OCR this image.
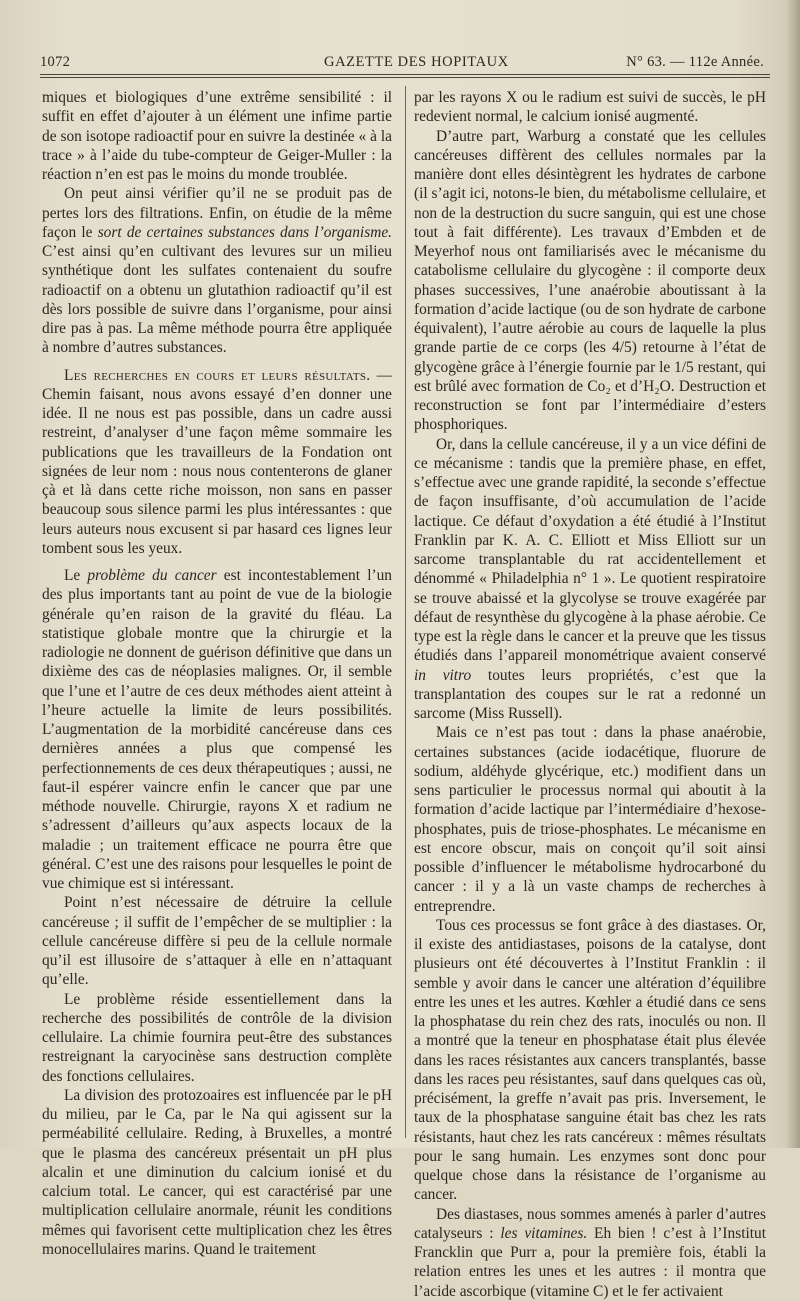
1072	GAZETTE DES HOPITAUX	N° 63. — 112e Année.

miques et biologiques d’une extrême sensibilité : il suffit en effet d’ajouter à un élément une infime partie de son isotope radioactif pour en suivre la destinée « à la trace » à l’aide du tube-compteur de Geiger-Muller : la réaction n’en est pas le moins du monde troublée.

On peut ainsi vérifier qu’il ne se produit pas de pertes lors des filtrations. Enfin, on étudie de la même façon le sort de certaines substances dans l’organisme. C’est ainsi qu’en cultivant des levures sur un milieu synthétique dont les sulfates contenaient du soufre radioactif on a obtenu un glutathion radioactif qu’il est dès lors possible de suivre dans l’organisme, pour ainsi dire pas à pas. La même méthode pourra être appliquée à nombre d’autres substances.

Les recherches en cours et leurs résultats. — Chemin faisant, nous avons essayé d’en donner une idée. Il ne nous est pas possible, dans un cadre aussi restreint, d’analyser d’une façon même sommaire les publications que les travailleurs de la Fondation ont signées de leur nom : nous nous contenterons de glaner çà et là dans cette riche moisson, non sans en passer beaucoup sous silence parmi les plus intéressantes : que leurs auteurs nous excusent si par hasard ces lignes leur tombent sous les yeux.

Le problème du cancer est incontestablement l’un des plus importants tant au point de vue de la biologie générale qu’en raison de la gravité du fléau. La statistique globale montre que la chirurgie et la radiologie ne donnent de guérison définitive que dans un dixième des cas de néoplasies malignes. Or, il semble que l’une et l’autre de ces deux méthodes aient atteint à l’heure actuelle la limite de leurs possibilités. L’augmentation de la morbidité cancéreuse dans ces dernières années a plus que compensé les perfectionnements de ces deux thérapeutiques ; aussi, ne faut-il espérer vaincre enfin le cancer que par une méthode nouvelle. Chirurgie, rayons X et radium ne s’adressent d’ailleurs qu’aux aspects locaux de la maladie ; un traitement efficace ne pourra être que général. C’est une des raisons pour lesquelles le point de vue chimique est si intéressant.

Point n’est nécessaire de détruire la cellule cancéreuse ; il suffit de l’empêcher de se multiplier : la cellule cancéreuse diffère si peu de la cellule normale qu’il est illusoire de s’attaquer à elle en n’attaquant qu’elle.

Le problème réside essentiellement dans la recherche des possibilités de contrôle de la division cellulaire. La chimie fournira peut-être des substances restreignant la caryocinèse sans destruction complète des fonctions cellulaires.

La division des protozoaires est influencée par le pH du milieu, par le Ca, par le Na qui agissent sur la perméabilité cellulaire. Reding, à Bruxelles, a montré que le plasma des cancéreux présentait un pH plus alcalin et une diminution du calcium ionisé et du calcium total. Le cancer, qui est caractérisé par une multiplication cellulaire anormale, réunit les conditions mêmes qui favorisent cette multiplication chez les êtres monocellulaires marins. Quand le traitement

par les rayons X ou le radium est suivi de succès, le pH redevient normal, le calcium ionisé augmenté.

D’autre part, Warburg a constaté que les cellules cancéreuses diffèrent des cellules normales par la manière dont elles désintègrent les hydrates de carbone (il s’agit ici, notons-le bien, du métabolisme cellulaire, et non de la destruction du sucre sanguin, qui est une chose tout à fait différente). Les travaux d’Embden et de Meyerhof nous ont familiarisés avec le mécanisme du catabolisme cellulaire du glycogène : il comporte deux phases successives, l’une anaérobie aboutissant à la formation d’acide lactique (ou de son hydrate de carbone équivalent), l’autre aérobie au cours de laquelle la plus grande partie de ce corps (les 4/5) retourne à l’état de glycogène grâce à l’énergie fournie par le 1/5 restant, qui est brûlé avec formation de Co₂ et d’H₂O. Destruction et reconstruction se font par l’intermédiaire d’esters phosphoriques.

Or, dans la cellule cancéreuse, il y a un vice défini de ce mécanisme : tandis que la première phase, en effet, s’effectue avec une grande rapidité, la seconde s’effectue de façon insuffisante, d’où accumulation de l’acide lactique. Ce défaut d’oxydation a été étudié à l’Institut Franklin par K. A. C. Elliott et Miss Elliott sur un sarcome transplantable du rat accidentellement et dénommé « Philadelphia n° 1 ». Le quotient respiratoire se trouve abaissé et la glycolyse se trouve exagérée par défaut de resynthèse du glycogène à la phase aérobie. Ce type est la règle dans le cancer et la preuve que les tissus étudiés dans l’appareil monométrique avaient conservé in vitro toutes leurs propriétés, c’est que la transplantation des coupes sur le rat a redonné un sarcome (Miss Russell).

Mais ce n’est pas tout : dans la phase anaérobie, certaines substances (acide iodacétique, fluorure de sodium, aldéhyde glycérique, etc.) modifient dans un sens particulier le processus normal qui aboutit à la formation d’acide lactique par l’intermédiaire d’hexose-phosphates, puis de triose-phosphates. Le mécanisme en est encore obscur, mais on conçoit qu’il soit ainsi possible d’influencer le métabolisme hydrocarboné du cancer : il y a là un vaste champs de recherches à entreprendre.

Tous ces processus se font grâce à des diastases. Or, il existe des antidiastases, poisons de la catalyse, dont plusieurs ont été découvertes à l’Institut Franklin : il semble y avoir dans le cancer une altération d’équilibre entre les unes et les autres. Kœhler a étudié dans ce sens la phosphatase du rein chez des rats, inoculés ou non. Il a montré que la teneur en phosphatase était plus élevée dans les races résistantes aux cancers transplantés, basse dans les races peu résistantes, sauf dans quelques cas où, précisément, la greffe n’avait pas pris. Inversement, le taux de la phosphatase sanguine était bas chez les rats résistants, haut chez les rats cancéreux : mêmes résultats pour le sang humain. Les enzymes sont donc pour quelque chose dans la résistance de l’organisme au cancer.

Des diastases, nous sommes amenés à parler d’autres catalyseurs : les vitamines. Eh bien ! c’est à l’Institut Francklin que Purr a, pour la première fois, établi la relation entres les unes et les autres : il montra que l’acide ascorbique (vitamine C) et le fer activaient
